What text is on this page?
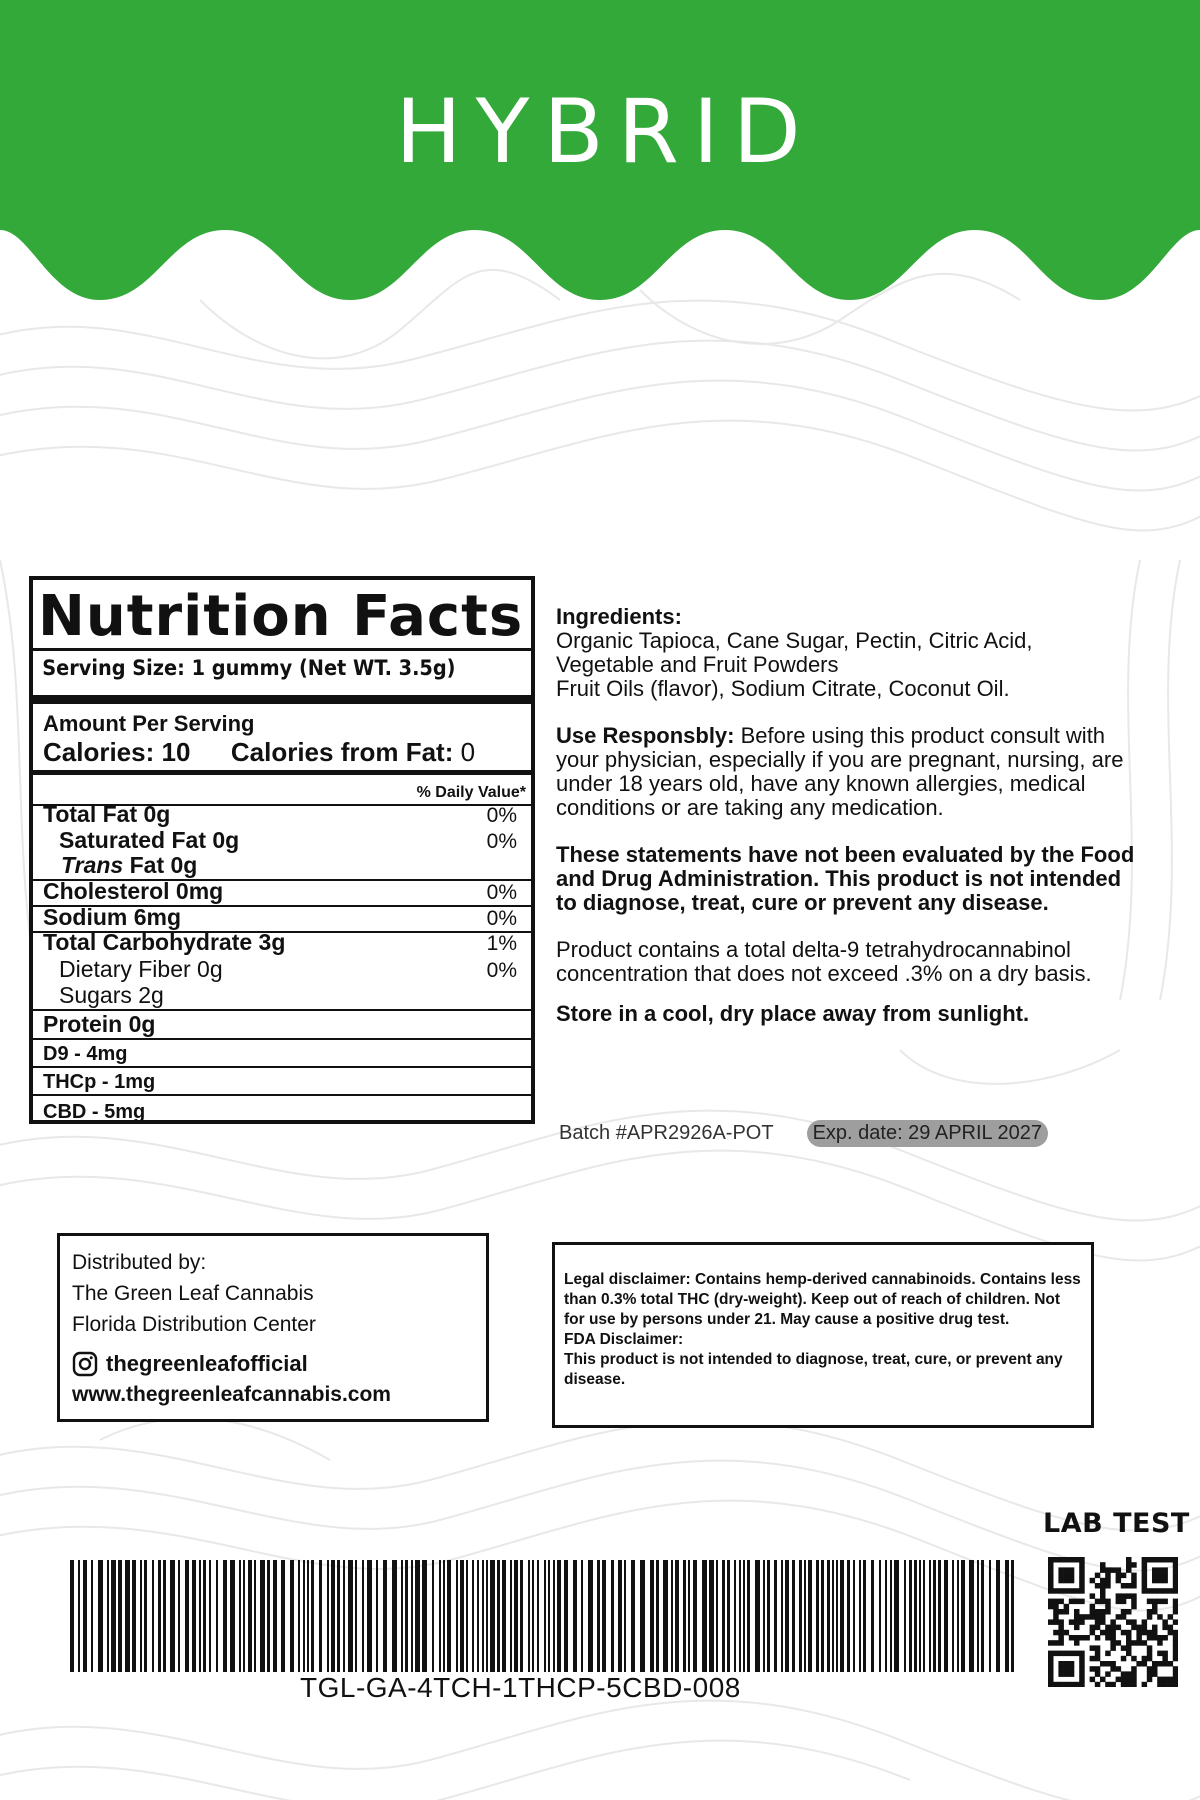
HYBRID
Nutrition Facts
Serving Size: 1 gummy (Net WT. 3.5g)
Amount Per Serving
Calories: 10 Calories from Fat: 0
% Daily Value*
Total Fat 0g	0%
Saturated Fat 0g	0%
Trans Fat 0g
Cholesterol 0mg	0%
Sodium 6mg	0%
Total Carbohydrate 3g	1%
Dietary Fiber 0g	0%
Sugars 2g
Protein 0g
D9 - 4mg
THCp - 1mg
CBD - 5mg

Ingredients:

Organic Tapioca, Cane Sugar, Pectin, Citric Acid,

Vegetable and Fruit Powders

Fruit Oils (flavor), Sodium Citrate, Coconut Oil.

Use Responsbly: Before using this product consult with your physician, especially if you are pregnant, nursing, are under 18 years old, have any known allergies, medical conditions or are taking any medication.

These statements have not been evaluated by the Food and Drug Administration. This product is not intended to diagnose, treat, cure or prevent any disease.

Product contains a total delta-9 tetrahydrocannabinol concentration that does not exceed .3% on a dry basis.

Store in a cool, dry place away from sunlight.

Batch #APR2926A-POT	Exp. date: 29 APRIL 2027
Distributed by:
The Green Leaf Cannabis
Florida Distribution Center
thegreenleafofficial
www.thegreenleafcannabis.com
Legal disclaimer: Contains hemp-derived cannabinoids. Contains less than 0.3% total THC (dry-weight). Keep out of reach of children. Not for use by persons under 21. May cause a positive drug test.
FDA Disclaimer:
This product is not intended to diagnose, treat, cure, or prevent any disease.
LAB TEST
TGL-GA-4TCH-1THCP-5CBD-008
